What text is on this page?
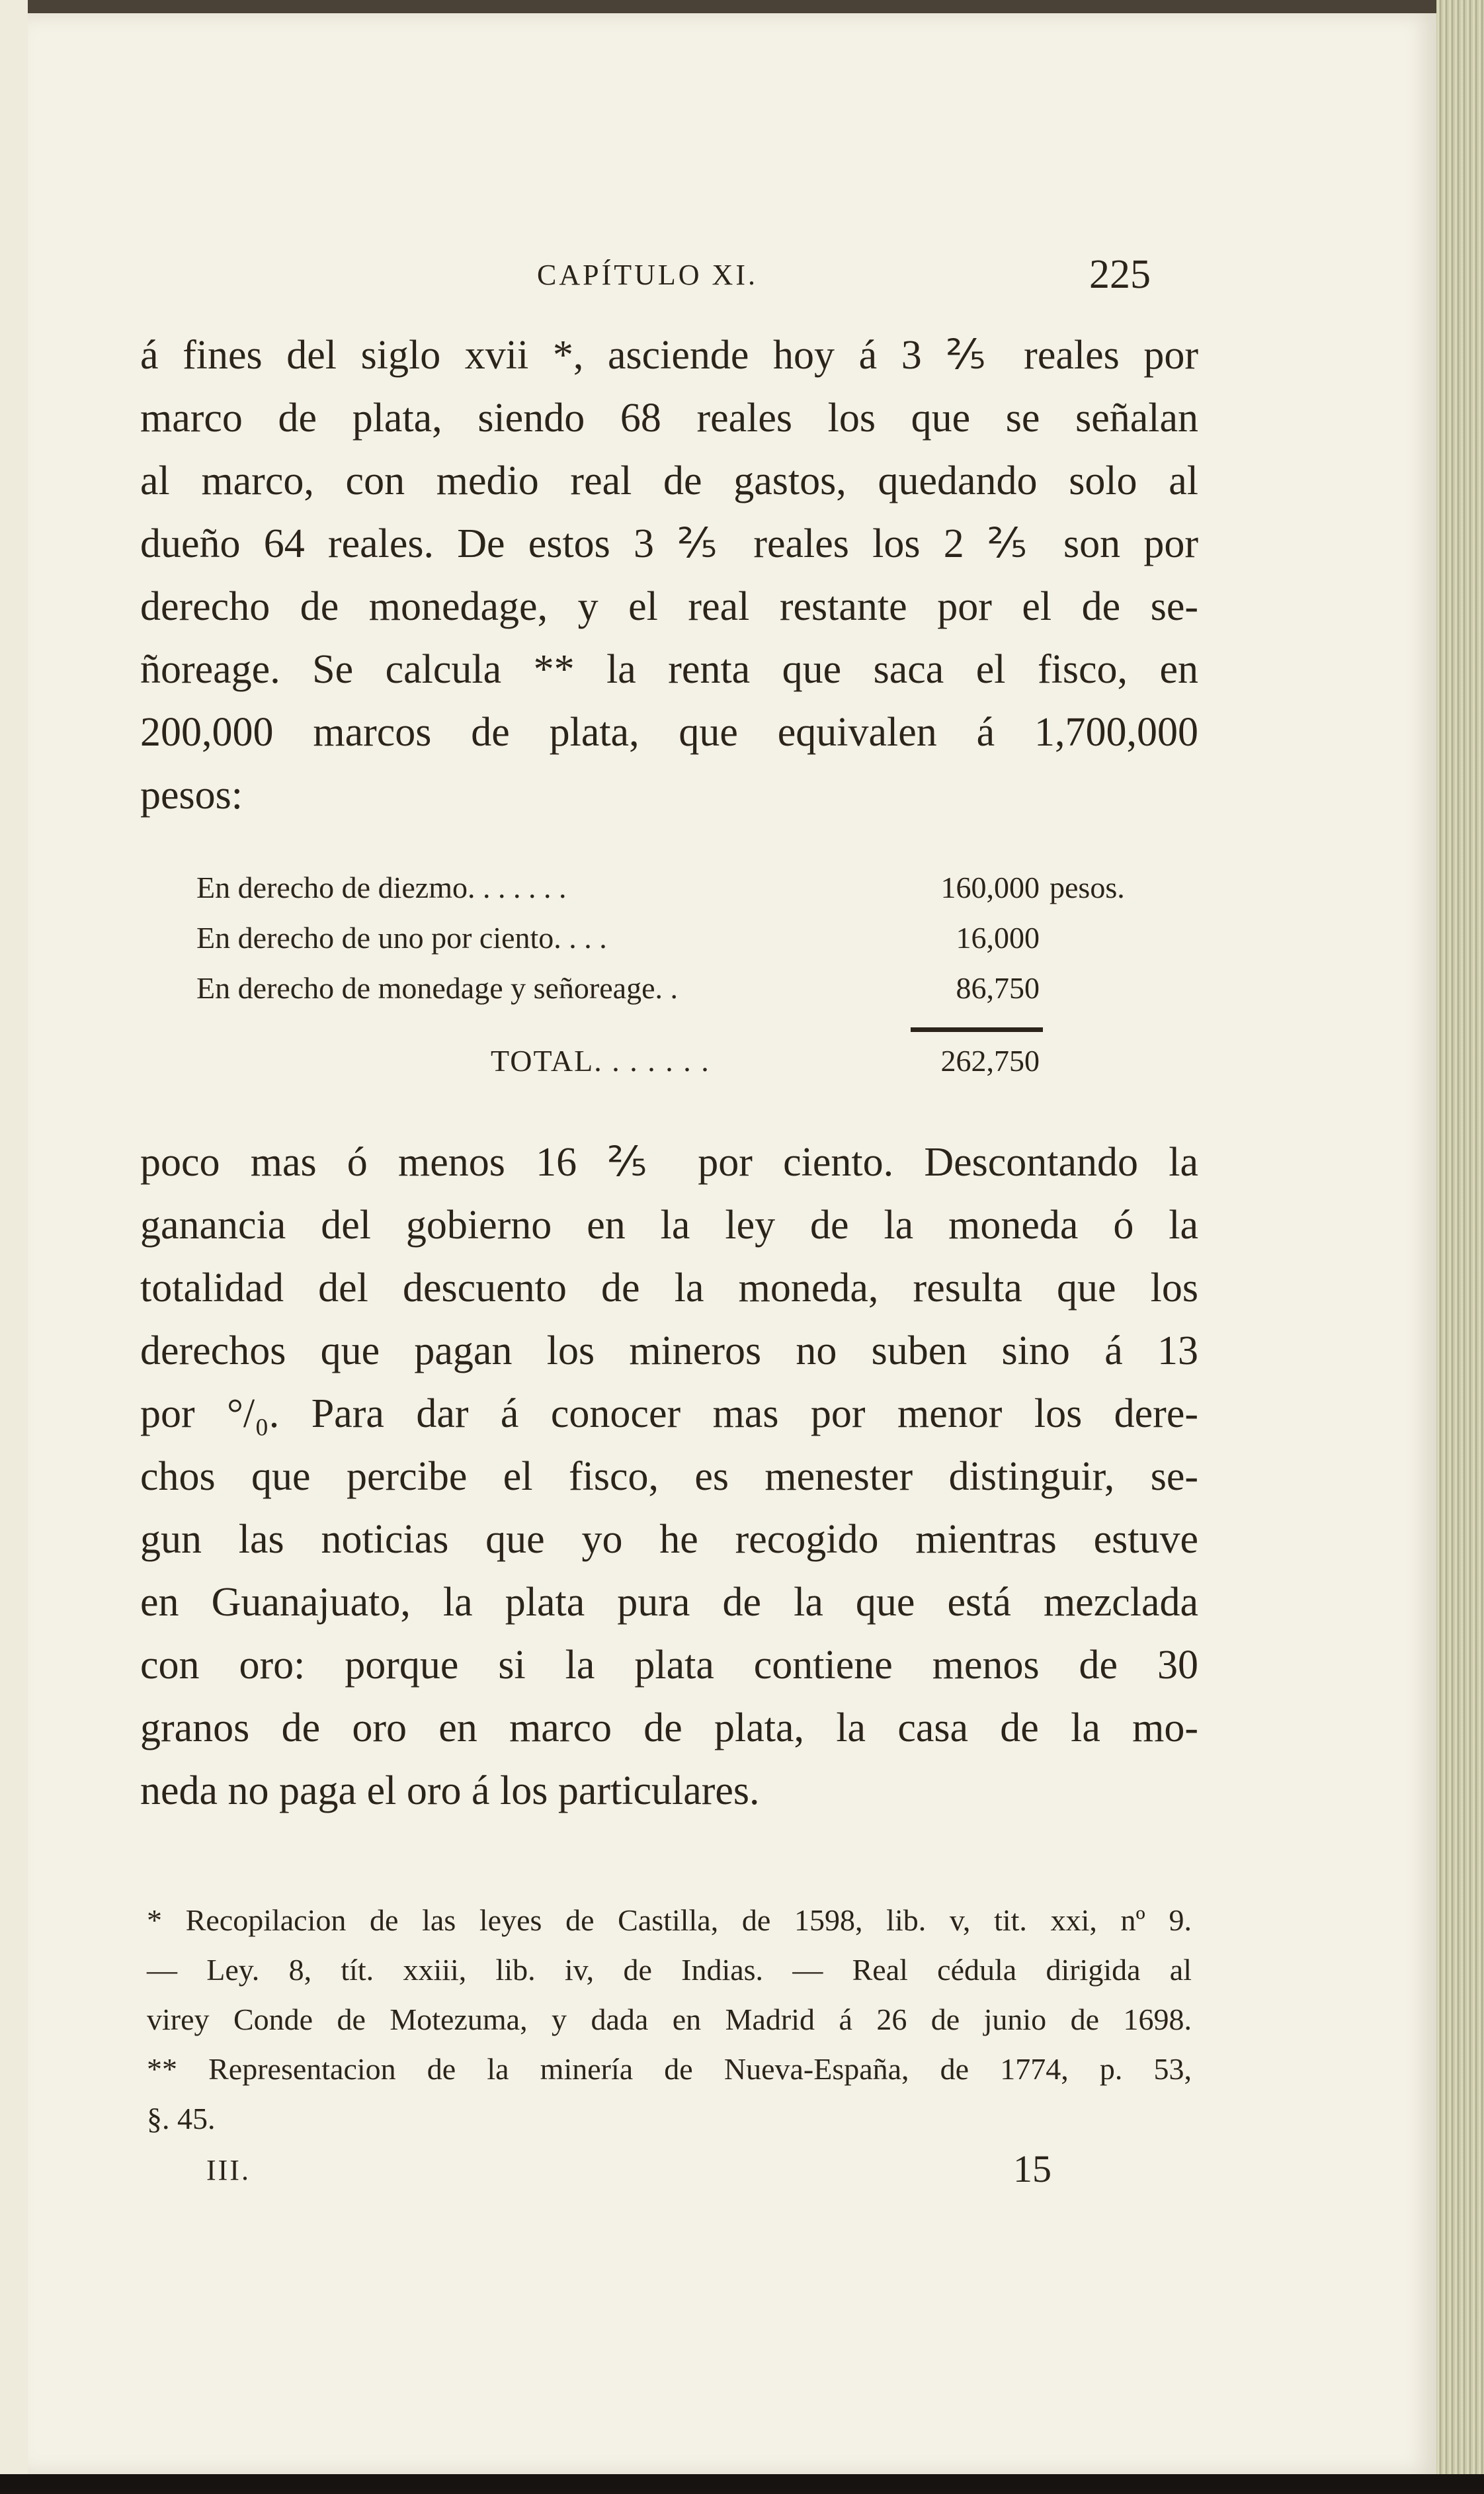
CAPÍTULO XI.	225
á fines del siglo xvii *, asciende hoy á 3 ⅖ reales por
marco de plata, siendo 68 reales los que se señalan
al marco, con medio real de gastos, quedando solo al
dueño 64 reales. De estos 3 ⅖ reales los 2 ⅖ son por
derecho de monedage, y el real restante por el de se-
ñoreage. Se calcula ** la renta que saca el fisco, en
200,000 marcos de plata, que equivalen á 1,700,000
pesos:
En derecho de diezmo. . . . . . .	160,000 pesos.
En derecho de uno por ciento. . . .	16,000
En derecho de monedage y señoreage. .	86,750
TOTAL. . . . . . .	262,750
poco mas ó menos 16 ⅖ por ciento. Descontando la
ganancia del gobierno en la ley de la moneda ó la
totalidad del descuento de la moneda, resulta que los
derechos que pagan los mineros no suben sino á 13
por °/₀. Para dar á conocer mas por menor los dere-
chos que percibe el fisco, es menester distinguir, se-
gun las noticias que yo he recogido mientras estuve
en Guanajuato, la plata pura de la que está mezclada
con oro: porque si la plata contiene menos de 30
granos de oro en marco de plata, la casa de la mo-
neda no paga el oro á los particulares.
* Recopilacion de las leyes de Castilla, de 1598, lib. v, tit. xxi, nº 9.
— Ley. 8, tít. xxiii, lib. iv, de Indias. — Real cédula dirigida al
virey Conde de Motezuma, y dada en Madrid á 26 de junio de 1698.
** Representacion de la minería de Nueva-España, de 1774, p. 53,
§. 45.
III.	15
